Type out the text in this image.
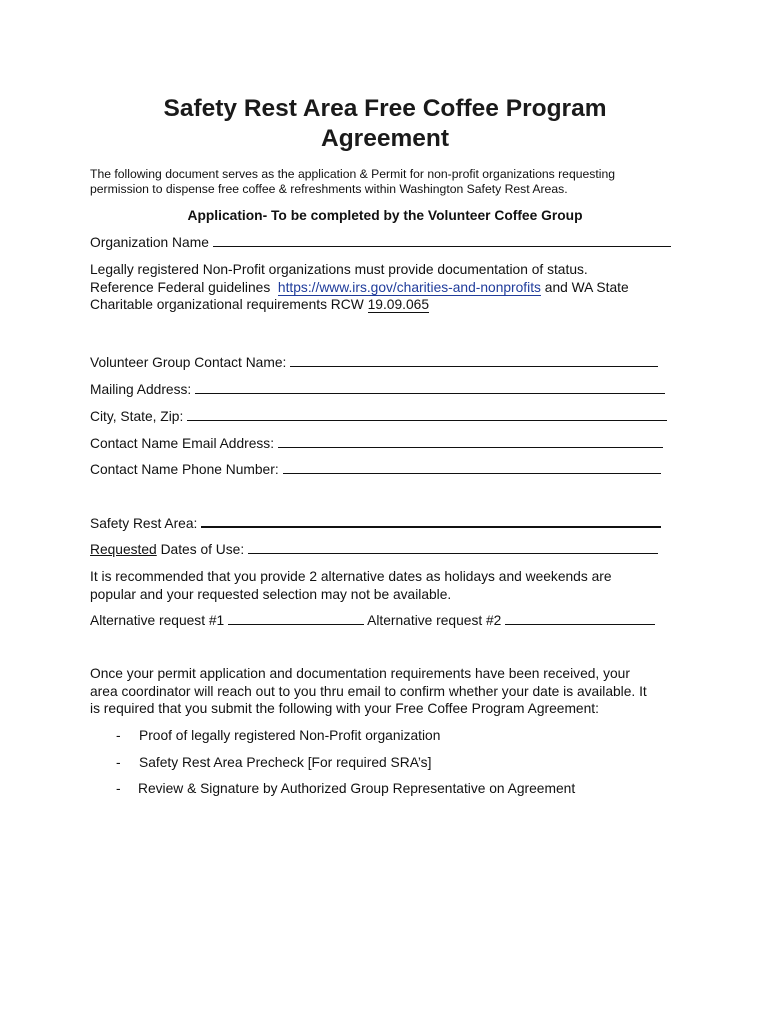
Safety Rest Area Free Coffee Program
Agreement

The following document serves as the application & Permit for non-profit organizations requesting
permission to dispense free coffee & refreshments within Washington Safety Rest Areas.

Application- To be completed by the Volunteer Coffee Group

Organization Name

Legally registered Non-Profit organizations must provide documentation of status.
Reference Federal guidelines https://www.irs.gov/charities-and-nonprofits and WA State
Charitable organizational requirements RCW 19.09.065

Volunteer Group Contact Name:

Mailing Address:

City, State, Zip:

Contact Name Email Address:

Contact Name Phone Number:

Safety Rest Area:

Requested Dates of Use:

It is recommended that you provide 2 alternative dates as holidays and weekends are
popular and your requested selection may not be available.

Alternative request #1	Alternative request #2

Once your permit application and documentation requirements have been received, your
area coordinator will reach out to you thru email to confirm whether your date is available. It
is required that you submit the following with your Free Coffee Program Agreement:

- Proof of legally registered Non-Profit organization
- Safety Rest Area Precheck [For required SRA’s]
- Review & Signature by Authorized Group Representative on Agreement
